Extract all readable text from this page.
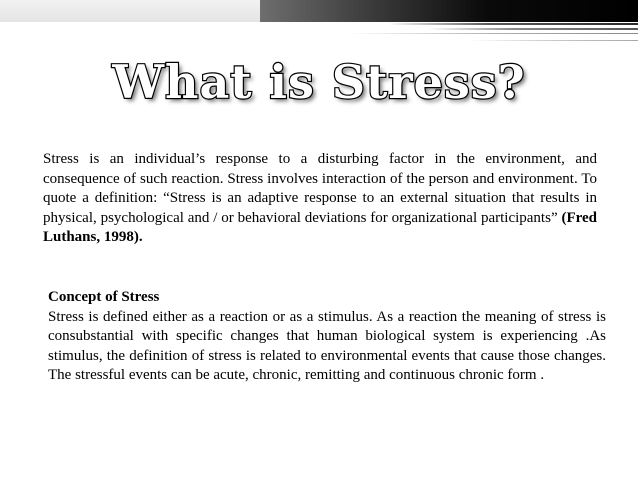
What is Stress?

Stress is an individual’s response to a disturbing factor in the environment, and consequence of such reaction. Stress involves interaction of the person and environment. To quote a definition: “Stress is an adaptive response to an external situation that results in physical, psychological and / or behavioral deviations for organizational participants” (Fred Luthans, 1998).

Concept of Stress
Stress is defined either as a reaction or as a stimulus. As a reaction the meaning of stress is consubstantial with specific changes that human biological system is experiencing .As stimulus, the definition of stress is related to environmental events that cause those changes. The stressful events can be acute, chronic, remitting and continuous chronic form .
